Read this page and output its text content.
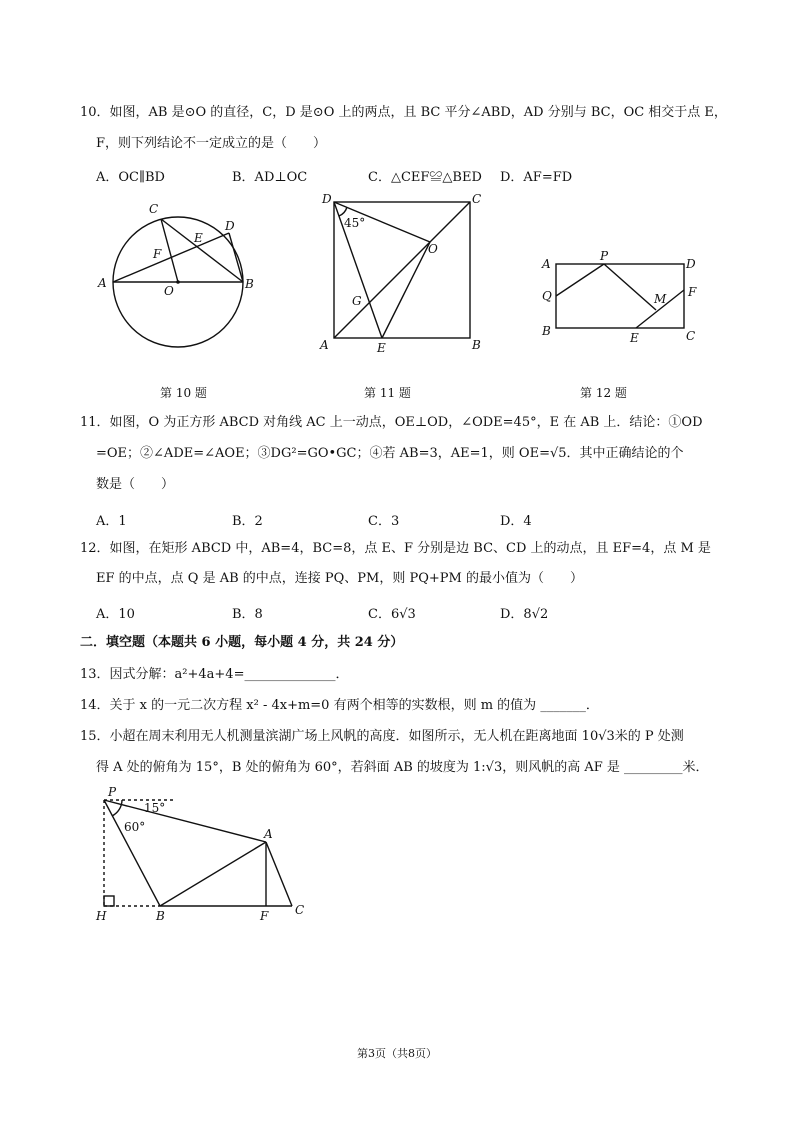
10．如图，AB 是⊙O 的直径，C，D 是⊙O 上的两点，且 BC 平分∠ABD，AD 分别与 BC，OC 相交于点 E，
F，则下列结论不一定成立的是（　　）
A．OC∥BD	B．AD⊥OC	C．△CEF≌△BED D．AF=FD
A	B
C
D
E
F
O
D	C
A	B
E
G
O
45°
A
P
D
Q	F
M
B	E	C
第 10 题	第 11 题	第 12 题
11．如图，O 为正方形 ABCD 对角线 AC 上一动点，OE⊥OD，∠ODE=45°，E 在 AB 上．结论：①OD
=OE；②∠ADE=∠AOE；③DG²=GO•GC；④若 AB=3，AE=1，则 OE=√5．其中正确结论的个
数是（　　）
A．1	B．2	C．3	D．4
12．如图，在矩形 ABCD 中，AB=4，BC=8，点 E、F 分别是边 BC、CD 上的动点，且 EF=4，点 M 是
EF 的中点，点 Q 是 AB 的中点，连接 PQ、PM，则 PQ+PM 的最小值为（　　）
A．10	B．8	C．6√3	D．8√2
二．填空题（本题共 6 小题，每小题 4 分，共 24 分）
13．因式分解：a²+4a+4=______________．
14．关于 x 的一元二次方程 x² - 4x+m=0 有两个相等的实数根，则 m 的值为 _______．
15．小超在周末利用无人机测量滨湖广场上风帆的高度．如图所示，无人机在距离地面 10√3米的 P 处测
得 A 处的俯角为 15°，B 处的俯角为 60°，若斜面 AB 的坡度为 1:√3，则风帆的高 AF 是 _________米．
P
15°
60°	A
H	B	F C
第3页（共8页）
